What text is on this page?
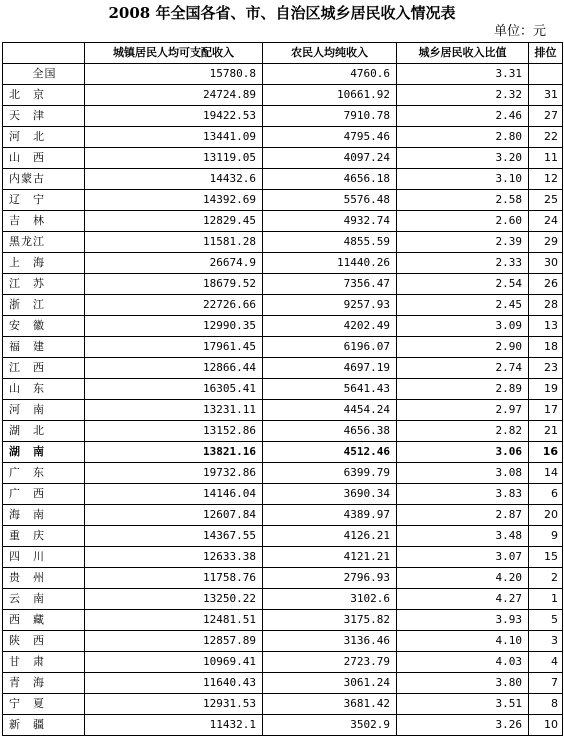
2008 年全国各省、市、自治区城乡居民收入情况表
单位：元
	城镇居民人均可支配收入	农民人均纯收入	城乡居民收入比值	排位
全国	15780.8	4760.6	3.31	
北　京	24724.89	10661.92	2.32	31
天　津	19422.53	7910.78	2.46	27
河　北	13441.09	4795.46	2.80	22
山　西	13119.05	4097.24	3.20	11
内蒙古	14432.6	4656.18	3.10	12
辽　宁	14392.69	5576.48	2.58	25
吉　林	12829.45	4932.74	2.60	24
黑龙江	11581.28	4855.59	2.39	29
上　海	26674.9	11440.26	2.33	30
江　苏	18679.52	7356.47	2.54	26
浙　江	22726.66	9257.93	2.45	28
安　徽	12990.35	4202.49	3.09	13
福　建	17961.45	6196.07	2.90	18
江　西	12866.44	4697.19	2.74	23
山　东	16305.41	5641.43	2.89	19
河　南	13231.11	4454.24	2.97	17
湖　北	13152.86	4656.38	2.82	21
湖　南	13821.16	4512.46	3.06	16
广　东	19732.86	6399.79	3.08	14
广　西	14146.04	3690.34	3.83	6
海　南	12607.84	4389.97	2.87	20
重　庆	14367.55	4126.21	3.48	9
四　川	12633.38	4121.21	3.07	15
贵　州	11758.76	2796.93	4.20	2
云　南	13250.22	3102.6	4.27	1
西　藏	12481.51	3175.82	3.93	5
陕　西	12857.89	3136.46	4.10	3
甘　肃	10969.41	2723.79	4.03	4
青　海	11640.43	3061.24	3.80	7
宁　夏	12931.53	3681.42	3.51	8
新　疆	11432.1	3502.9	3.26	10
